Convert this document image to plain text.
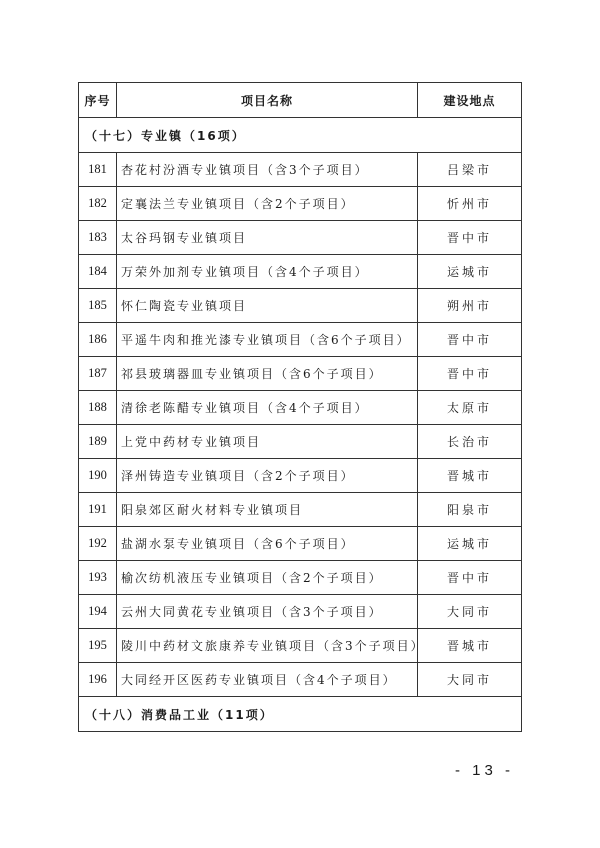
序号	项目名称	建设地点
（十七）专业镇（16项）		
181	杏花村汾酒专业镇项目（含3个子项目）	吕梁市
182	定襄法兰专业镇项目（含2个子项目）	忻州市
183	太谷玛钢专业镇项目	晋中市
184	万荣外加剂专业镇项目（含4个子项目）	运城市
185	怀仁陶瓷专业镇项目	朔州市
186	平遥牛肉和推光漆专业镇项目（含6个子项目）	晋中市
187	祁县玻璃器皿专业镇项目（含6个子项目）	晋中市
188	清徐老陈醋专业镇项目（含4个子项目）	太原市
189	上党中药材专业镇项目	长治市
190	泽州铸造专业镇项目（含2个子项目）	晋城市
191	阳泉郊区耐火材料专业镇项目	阳泉市
192	盐湖水泵专业镇项目（含6个子项目）	运城市
193	榆次纺机液压专业镇项目（含2个子项目）	晋中市
194	云州大同黄花专业镇项目（含3个子项目）	大同市
195	陵川中药材文旅康养专业镇项目（含3个子项目）	晋城市
196	大同经开区医药专业镇项目（含4个子项目）	大同市
（十八）消费品工业（11项）		
- 13 -
